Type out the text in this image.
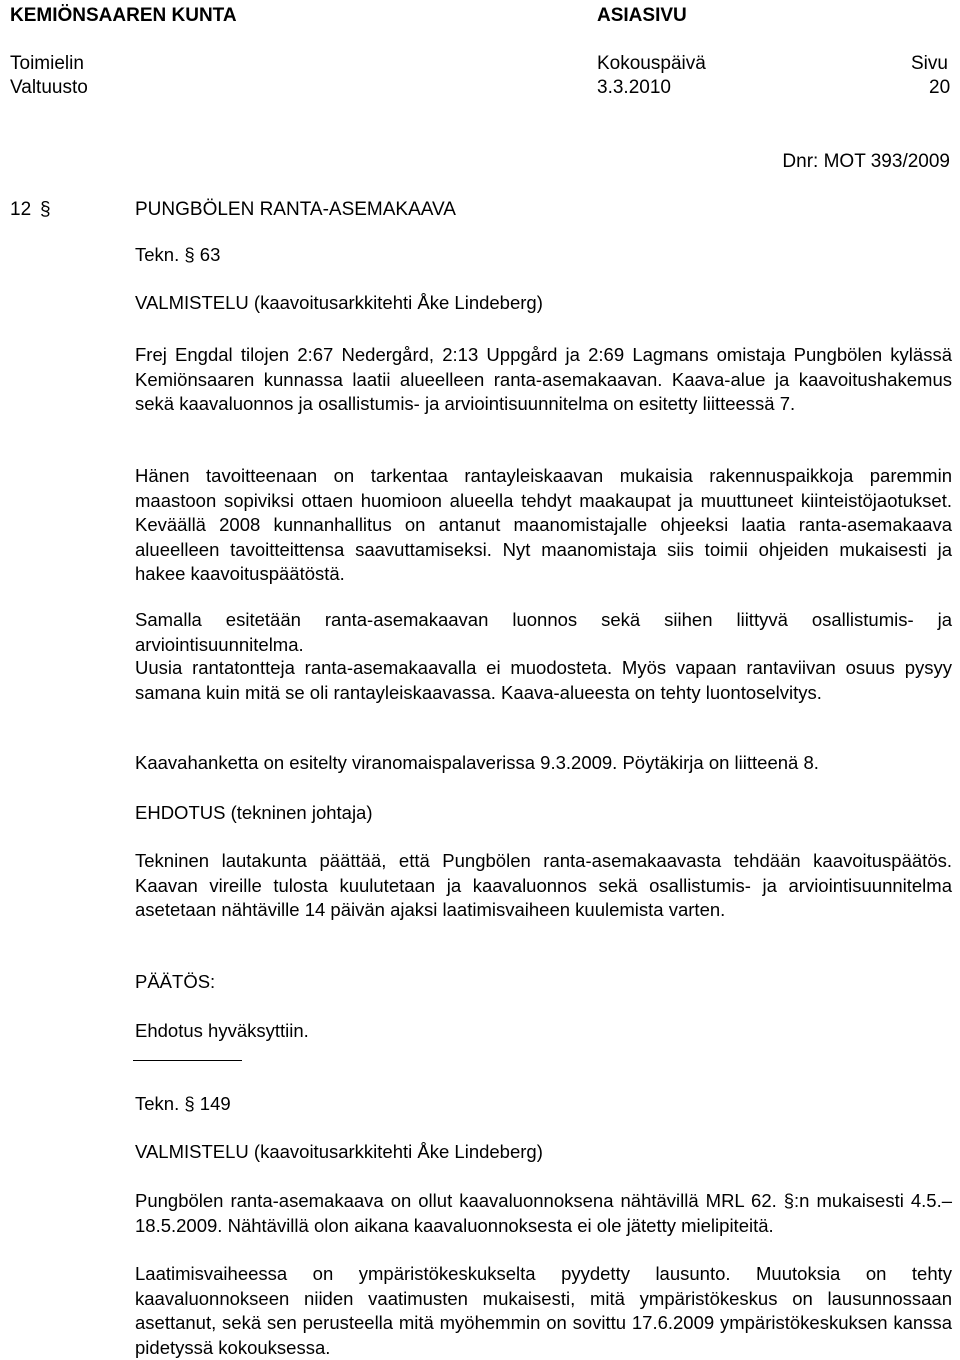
KEMIÖNSAAREN KUNTA	ASIASIVU
Toimielin
Valtuusto
Kokouspäivä
3.3.2010
Sivu
20
Dnr: MOT 393/2009
12 §	PUNGBÖLEN RANTA-ASEMAKAAVA
Tekn. § 63
VALMISTELU (kaavoitusarkkitehti Åke Lindeberg)

Frej Engdal tilojen 2:67 Nedergård, 2:13 Uppgård ja 2:69 Lagmans omistaja Pungbölen kylässä Kemiönsaaren kunnassa laatii alueelleen ranta-asemakaavan. Kaava-alue ja kaavoitushakemus sekä kaavaluonnos ja osallistumis- ja arviointisuunnitelma on esitetty liitteessä 7.

Hänen tavoitteenaan on tarkentaa rantayleiskaavan mukaisia rakennuspaikkoja paremmin maastoon sopiviksi ottaen huomioon alueella tehdyt maakaupat ja muuttuneet kiinteistöjaotukset. Keväällä 2008 kunnanhallitus on antanut maanomistajalle ohjeeksi laatia ranta-asemakaava alueelleen tavoitteittensa saavuttamiseksi. Nyt maanomistaja siis toimii ohjeiden mukaisesti ja hakee kaavoituspäätöstä.

Samalla esitetään ranta-asemakaavan luonnos sekä siihen liittyvä osallistumis- ja arviointisuunnitelma.

Uusia rantatontteja ranta-asemakaavalla ei muodosteta. Myös vapaan rantaviivan osuus pysyy samana kuin mitä se oli rantayleiskaavassa. Kaava-alueesta on tehty luontoselvitys.

Kaavahanketta on esitelty viranomaispalaverissa 9.3.2009. Pöytäkirja on liitteenä 8.
EHDOTUS (tekninen johtaja)

Tekninen lautakunta päättää, että Pungbölen ranta-asemakaavasta tehdään kaavoituspäätös. Kaavan vireille tulosta kuulutetaan ja kaavaluonnos sekä osallistumis- ja arviointisuunnitelma asetetaan nähtäville 14 päivän ajaksi laatimisvaiheen kuulemista varten.

PÄÄTÖS:
Ehdotus hyväksyttiin.
Tekn. § 149
VALMISTELU (kaavoitusarkkitehti Åke Lindeberg)

Pungbölen ranta-asemakaava on ollut kaavaluonnoksena nähtävillä MRL 62. §:n mukaisesti 4.5.–18.5.2009. Nähtävillä olon aikana kaavaluonnoksesta ei ole jätetty mielipiteitä.

Laatimisvaiheessa on ympäristökeskukselta pyydetty lausunto. Muutoksia on tehty kaavaluonnokseen niiden vaatimusten mukaisesti, mitä ympäristökeskus on lausunnossaan asettanut, sekä sen perusteella mitä myöhemmin on sovittu 17.6.2009 ympäristökeskuksen kanssa pidetyssä kokouksessa.
